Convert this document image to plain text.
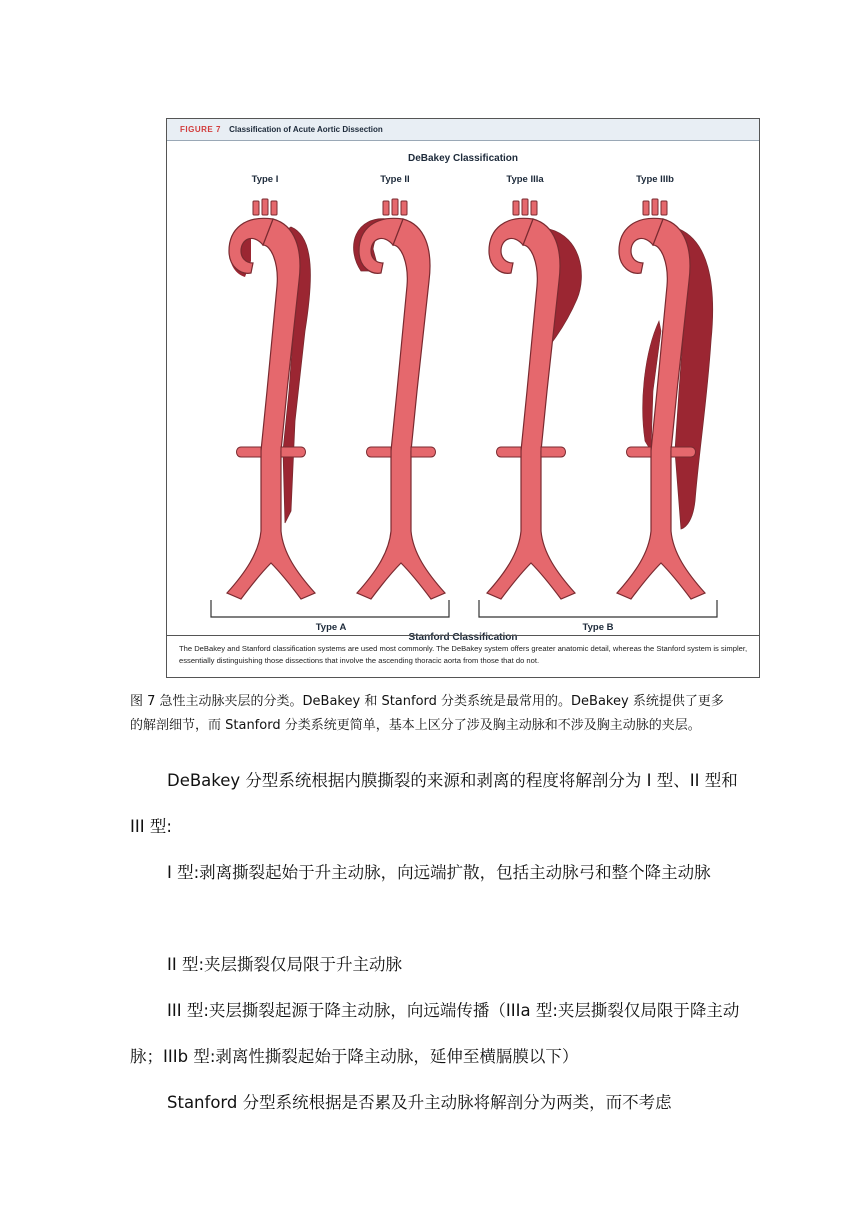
FIGURE 7 Classification of Acute Aortic Dissection
DeBakey Classification
Type I	Type II	Type IIIa	Type IIIb
Type A	Type B
Stanford Classification
The DeBakey and Stanford classification systems are used most commonly. The DeBakey system offers greater anatomic detail, whereas the Stanford system is simpler, essentially distinguishing those dissections that involve the ascending thoracic aorta from those that do not.
图 7 急性主动脉夹层的分类。DeBakey 和 Stanford 分类系统是最常用的。DeBakey 系统提供了更多的解剖细节，而 Stanford 分类系统更简单，基本上区分了涉及胸主动脉和不涉及胸主动脉的夹层。
DeBakey 分型系统根据内膜撕裂的来源和剥离的程度将解剖分为 I 型、II 型和 III 型:
I 型:剥离撕裂起始于升主动脉，向远端扩散，包括主动脉弓和整个降主动脉
II 型:夹层撕裂仅局限于升主动脉
III 型:夹层撕裂起源于降主动脉，向远端传播（IIIa 型:夹层撕裂仅局限于降主动脉；IIIb 型:剥离性撕裂起始于降主动脉，延伸至横膈膜以下）
Stanford 分型系统根据是否累及升主动脉将解剖分为两类，而不考虑
